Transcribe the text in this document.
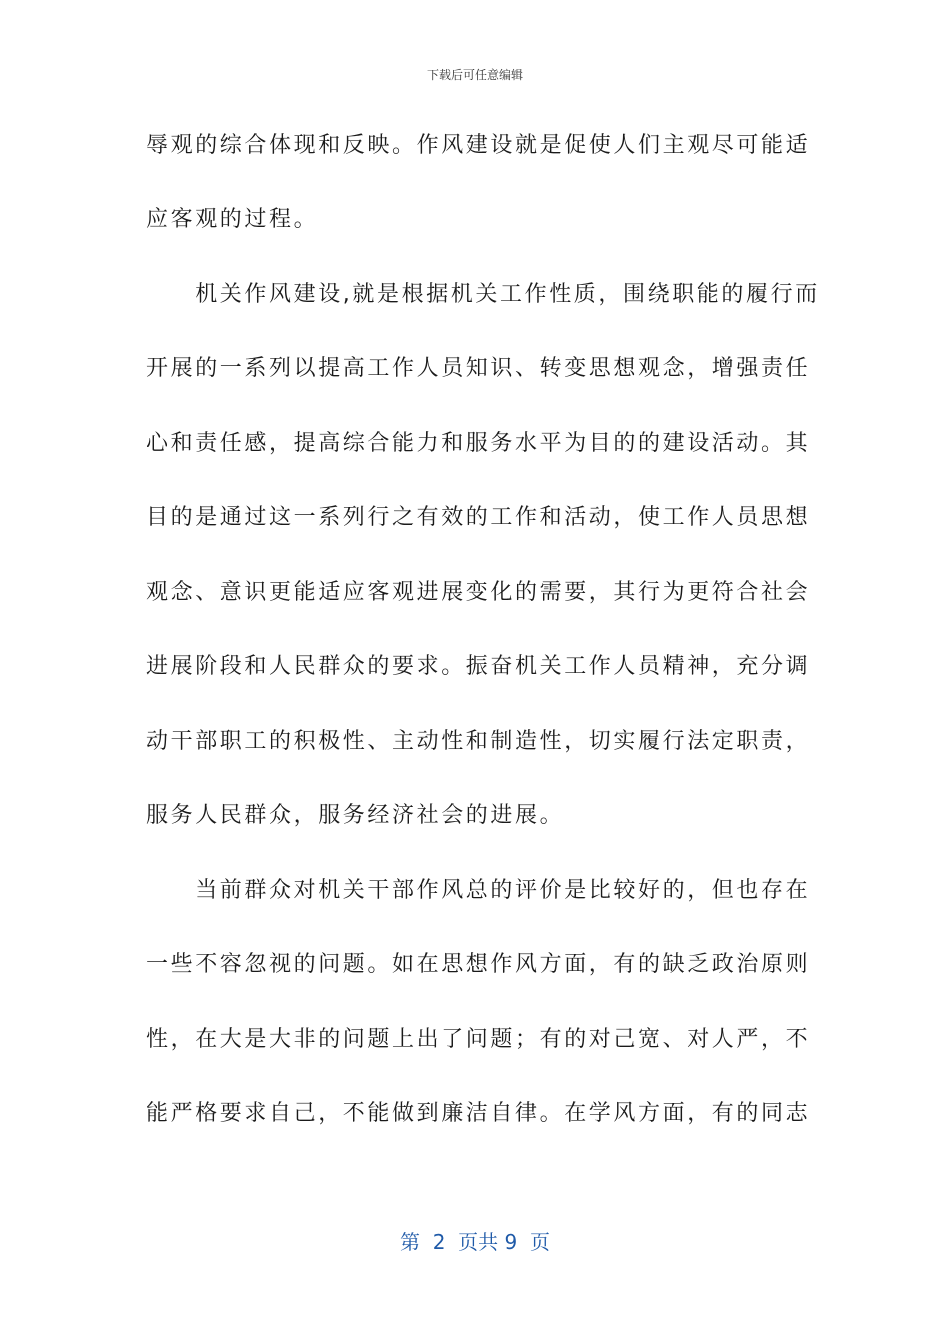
下载后可任意编辑
辱观的综合体现和反映。作风建设就是促使人们主观尽可能适
应客观的过程。
　　机关作风建设,就是根据机关工作性质，围绕职能的履行而
开展的一系列以提高工作人员知识、转变思想观念，增强责任
心和责任感，提高综合能力和服务水平为目的的建设活动。其
目的是通过这一系列行之有效的工作和活动，使工作人员思想
观念、意识更能适应客观进展变化的需要，其行为更符合社会
进展阶段和人民群众的要求。振奋机关工作人员精神，充分调
动干部职工的积极性、主动性和制造性，切实履行法定职责，
服务人民群众，服务经济社会的进展。
　　当前群众对机关干部作风总的评价是比较好的，但也存在
一些不容忽视的问题。如在思想作风方面，有的缺乏政治原则
性，在大是大非的问题上出了问题；有的对己宽、对人严，不
能严格要求自己，不能做到廉洁自律。在学风方面，有的同志
第  2  页共 9  页
